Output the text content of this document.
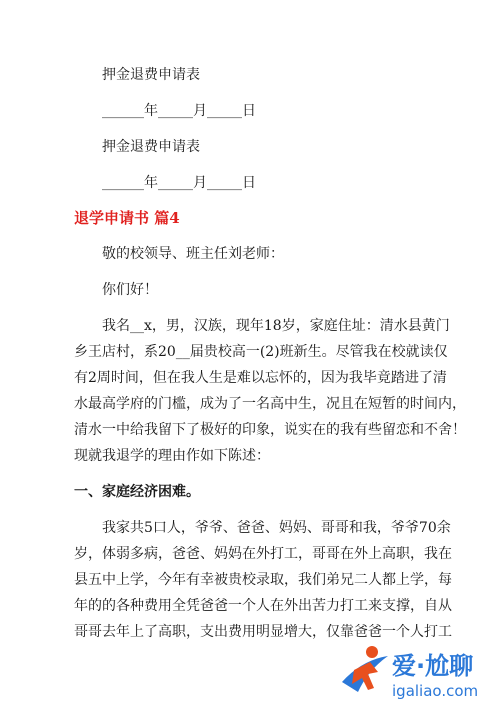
押金退费申请表
______年_____月_____日
押金退费申请表
______年_____月_____日
退学申请书 篇4
敬的校领导、班主任刘老师：
你们好！
我名__x，男，汉族，现年18岁，家庭住址：清水县黄门
乡王店村，系20__届贵校高一(2)班新生。尽管我在校就读仅
有2周时间，但在我人生是难以忘怀的，因为我毕竟踏进了清
水最高学府的门槛，成为了一名高中生，况且在短暂的时间内，
清水一中给我留下了极好的印象，说实在的我有些留恋和不舍！
现就我退学的理由作如下陈述：
一、家庭经济困难。
我家共5口人，爷爷、爸爸、妈妈、哥哥和我，爷爷70余
岁，体弱多病，爸爸、妈妈在外打工，哥哥在外上高职，我在
县五中上学，今年有幸被贵校录取，我们弟兄二人都上学，每
年的的各种费用全凭爸爸一个人在外出苦力打工来支撑，自从
哥哥去年上了高职，支出费用明显增大，仅靠爸爸一个人打工
爱·尬聊
igaliao.com
